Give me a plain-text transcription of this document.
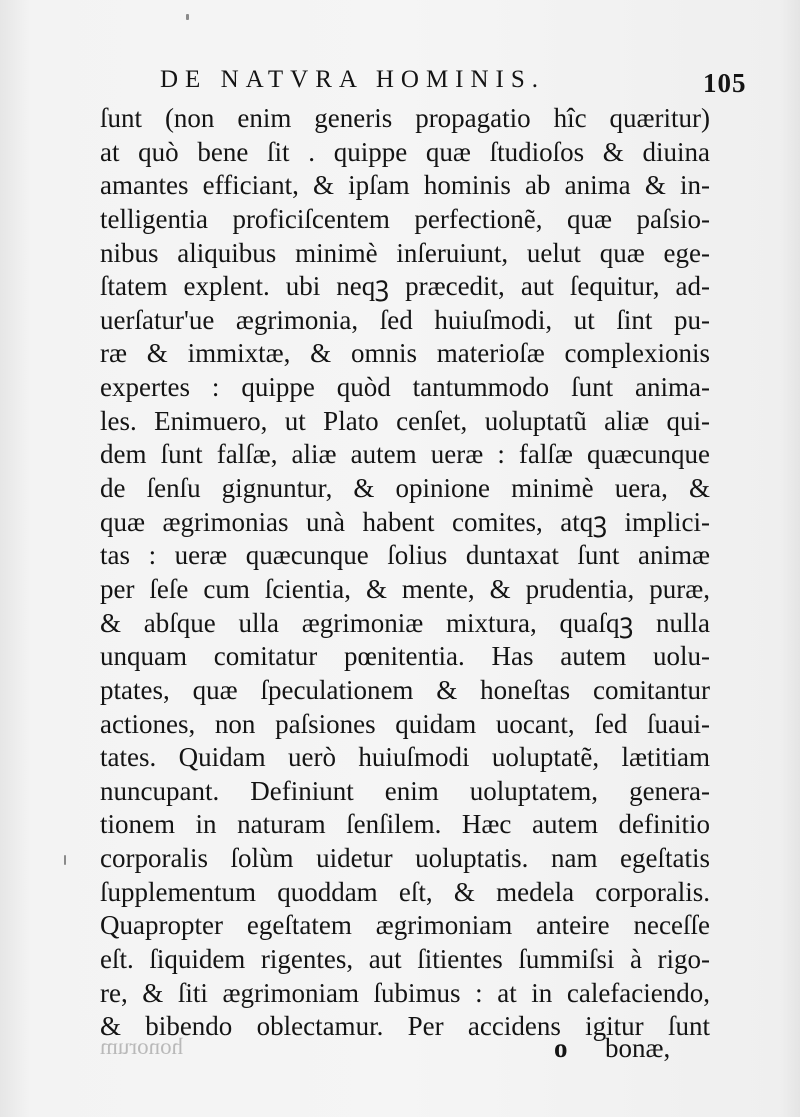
DE NATVRA HOMINIS.	105
ſunt (non enim generis propagatio hîc quæritur)
at quò bene ſit . quippe quæ ſtudioſos & diuina
amantes efficiant, & ipſam hominis ab anima & in-
telligentia proficiſcentem perfectionẽ, quæ paſsio-
nibus aliquibus minimè inſeruiunt, uelut quæ ege-
ſtatem explent. ubi neqꝫ præcedit, aut ſequitur, ad-
uerſatur'ue ægrimonia, ſed huiuſmodi, ut ſint pu-
ræ & immixtæ, & omnis materioſæ complexionis
expertes : quippe quòd tantummodo ſunt anima-
les. Enimuero, ut Plato cenſet, uoluptatũ aliæ qui-
dem ſunt falſæ, aliæ autem ueræ : falſæ quæcunque
de ſenſu gignuntur, & opinione minimè uera, &
quæ ægrimonias unà habent comites, atqꝫ implici-
tas : ueræ quæcunque ſolius duntaxat ſunt animæ
per ſeſe cum ſcientia, & mente, & prudentia, puræ,
& abſque ulla ægrimoniæ mixtura, quaſqꝫ nulla
unquam comitatur pœnitentia. Has autem uolu-
ptates, quæ ſpeculationem & honeſtas comitantur
actiones, non paſsiones quidam uocant, ſed ſuaui-
tates. Quidam uerò huiuſmodi uoluptatẽ, lætitiam
nuncupant. Definiunt enim uoluptatem, genera-
tionem in naturam ſenſilem. Hæc autem definitio
corporalis ſolùm uidetur uoluptatis. nam egeſtatis
ſupplementum quoddam eſt, & medela corporalis.
Quapropter egeſtatem ægrimoniam anteire neceſſe
eſt. ſiquidem rigentes, aut ſitientes ſummiſsi à rigo-
re, & ſiti ægrimoniam ſubimus : at in calefaciendo,
& bibendo oblectamur. Per accidens igitur ſunt
honorum	o bonæ,
